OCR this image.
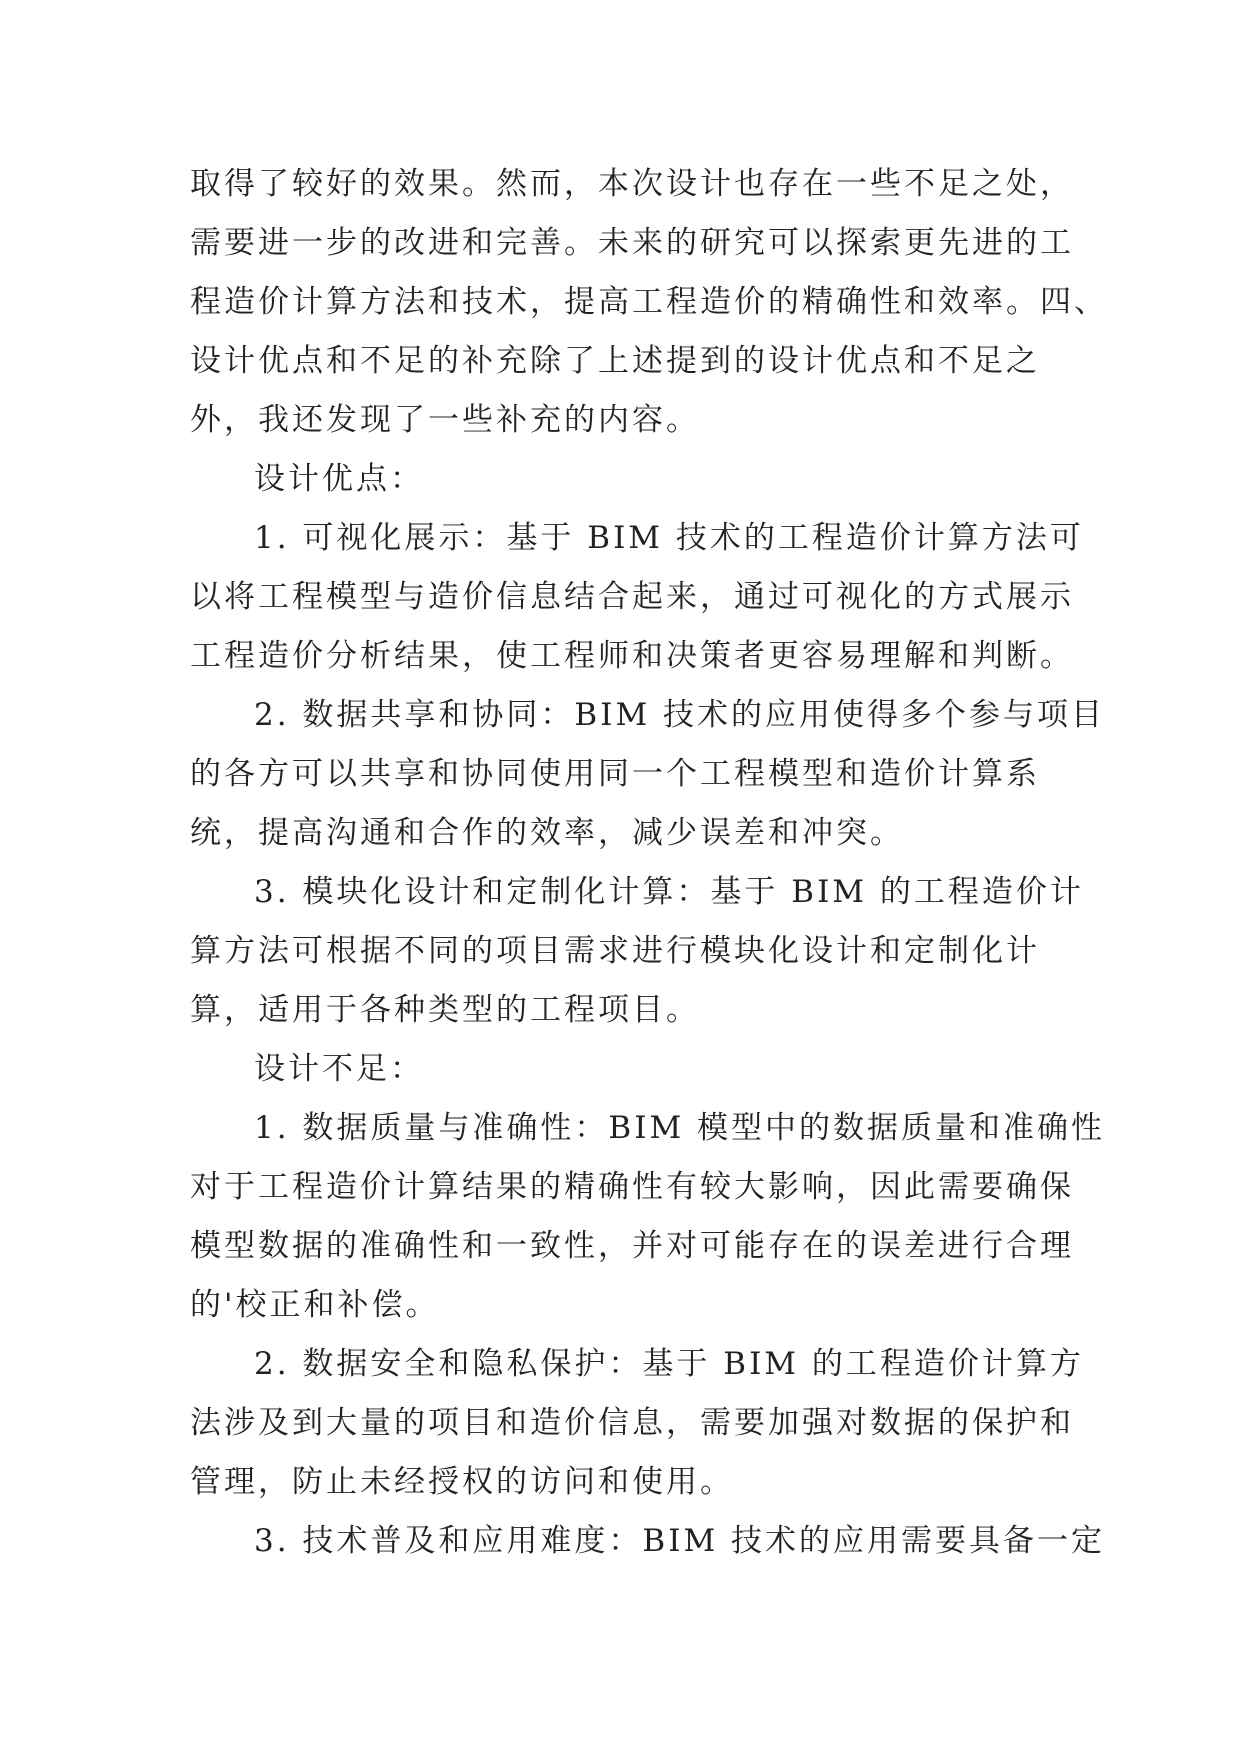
取得了较好的效果。然而，本次设计也存在一些不足之处，
需要进一步的改进和完善。未来的研究可以探索更先进的工
程造价计算方法和技术，提高工程造价的精确性和效率。四、
设计优点和不足的补充除了上述提到的设计优点和不足之
外，我还发现了一些补充的内容。

设计优点：

1. 可视化展示：基于 BIM 技术的工程造价计算方法可
以将工程模型与造价信息结合起来，通过可视化的方式展示
工程造价分析结果，使工程师和决策者更容易理解和判断。

2. 数据共享和协同：BIM 技术的应用使得多个参与项目
的各方可以共享和协同使用同一个工程模型和造价计算系
统，提高沟通和合作的效率，减少误差和冲突。

3. 模块化设计和定制化计算：基于 BIM 的工程造价计
算方法可根据不同的项目需求进行模块化设计和定制化计
算，适用于各种类型的工程项目。

设计不足：

1. 数据质量与准确性：BIM 模型中的数据质量和准确性
对于工程造价计算结果的精确性有较大影响，因此需要确保
模型数据的准确性和一致性，并对可能存在的误差进行合理
的'校正和补偿。

2. 数据安全和隐私保护：基于 BIM 的工程造价计算方
法涉及到大量的项目和造价信息，需要加强对数据的保护和
管理，防止未经授权的访问和使用。

3. 技术普及和应用难度：BIM 技术的应用需要具备一定
